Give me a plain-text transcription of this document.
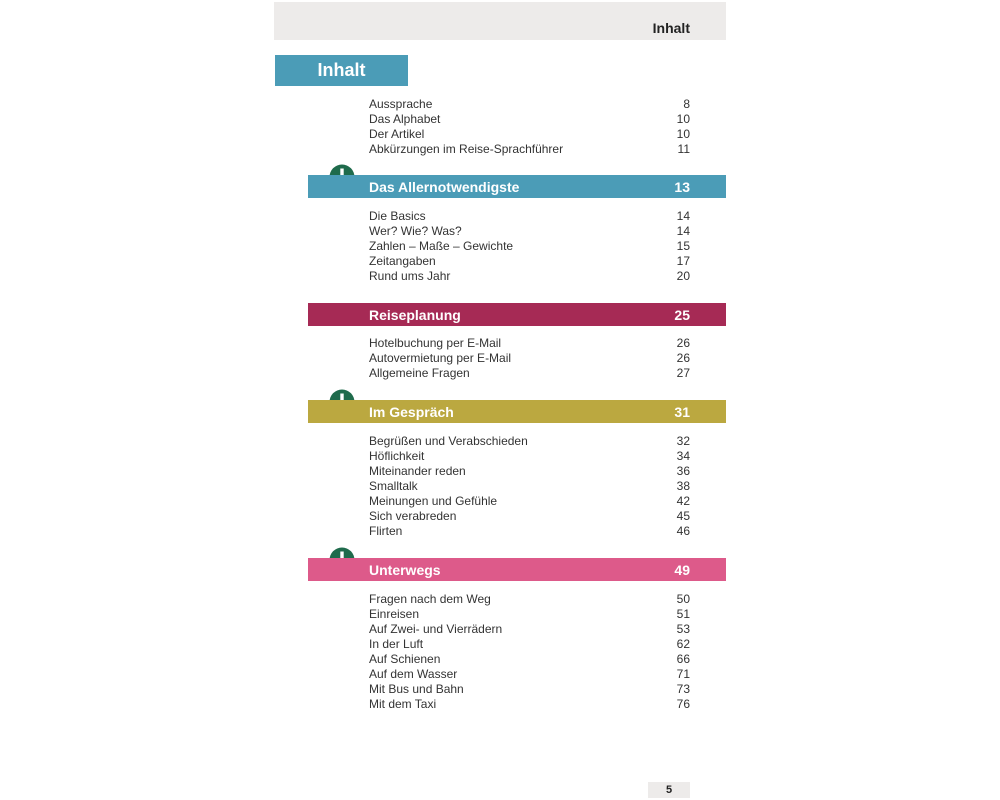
Inhalt
Inhalt
Aussprache	8
Das Alphabet	10
Der Artikel	10
Abkürzungen im Reise-Sprachführer	11
Das Allernotwendigste	13
Die Basics	14
Wer? Wie? Was?	14
Zahlen – Maße – Gewichte	15
Zeitangaben	17
Rund ums Jahr	20
Reiseplanung	25
Hotelbuchung per E-Mail	26
Autovermietung per E-Mail	26
Allgemeine Fragen	27
Im Gespräch	31
Begrüßen und Verabschieden	32
Höflichkeit	34
Miteinander reden	36
Smalltalk	38
Meinungen und Gefühle	42
Sich verabreden	45
Flirten	46
Unterwegs	49
Fragen nach dem Weg	50
Einreisen	51
Auf Zwei- und Vierrädern	53
In der Luft	62
Auf Schienen	66
Auf dem Wasser	71
Mit Bus und Bahn	73
Mit dem Taxi	76
5
